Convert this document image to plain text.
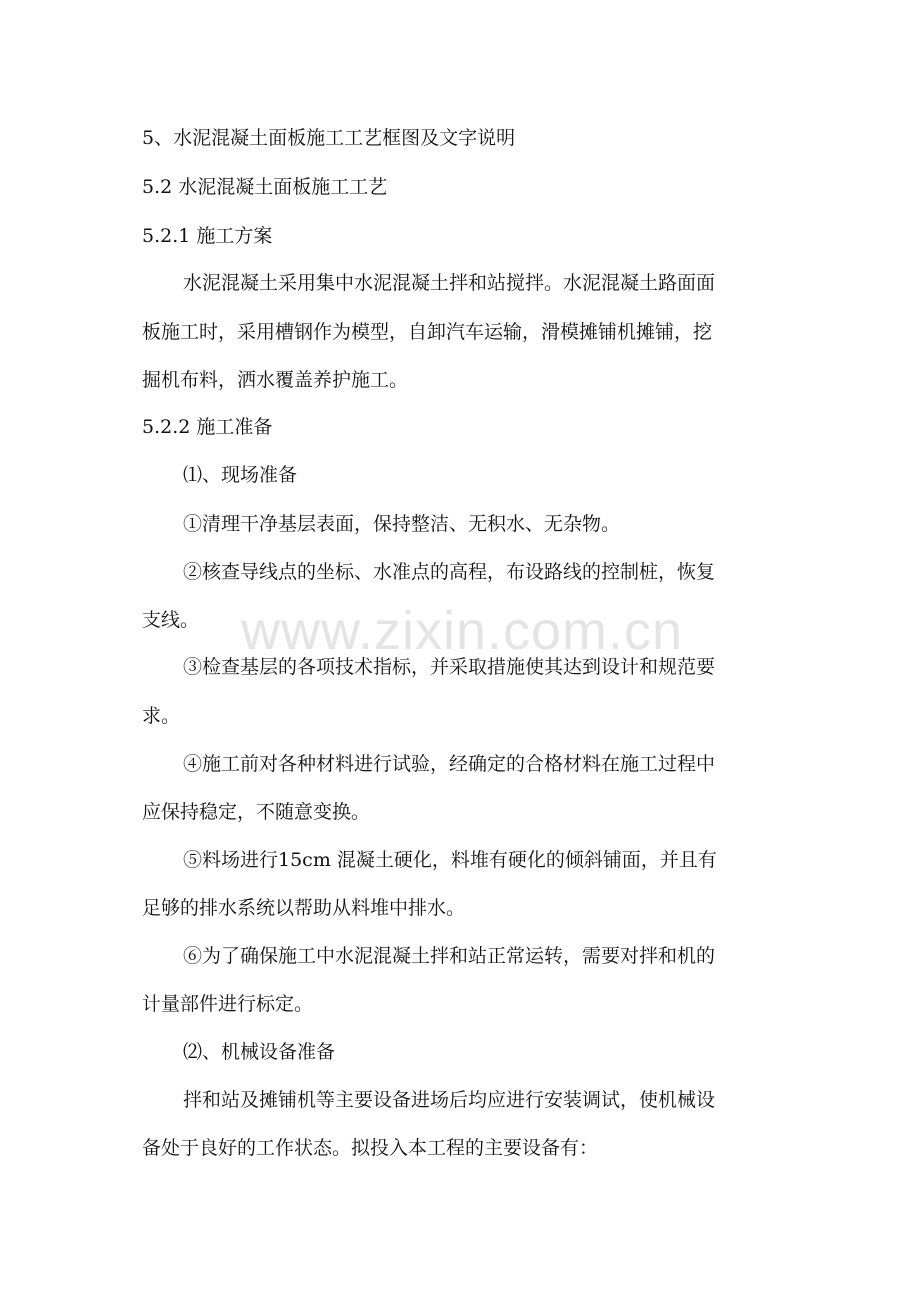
www.zixin.com.cn
5、水泥混凝土面板施工工艺框图及文字说明
5.2 水泥混凝土面板施工工艺
5.2.1 施工方案
水泥混凝土采用集中水泥混凝土拌和站搅拌。水泥混凝土路面面
板施工时，采用槽钢作为模型，自卸汽车运输，滑模摊铺机摊铺，挖
掘机布料，洒水覆盖养护施工。
5.2.2 施工准备
⑴、现场准备
①清理干净基层表面，保持整洁、无积水、无杂物。
②核查导线点的坐标、水准点的高程，布设路线的控制桩，恢复
支线。
③检查基层的各项技术指标，并采取措施使其达到设计和规范要
求。
④施工前对各种材料进行试验，经确定的合格材料在施工过程中
应保持稳定，不随意变换。
⑤料场进行15cm 混凝土硬化，料堆有硬化的倾斜铺面，并且有
足够的排水系统以帮助从料堆中排水。
⑥为了确保施工中水泥混凝土拌和站正常运转，需要对拌和机的
计量部件进行标定。
⑵、机械设备准备
拌和站及摊铺机等主要设备进场后均应进行安装调试，使机械设
备处于良好的工作状态。拟投入本工程的主要设备有：
